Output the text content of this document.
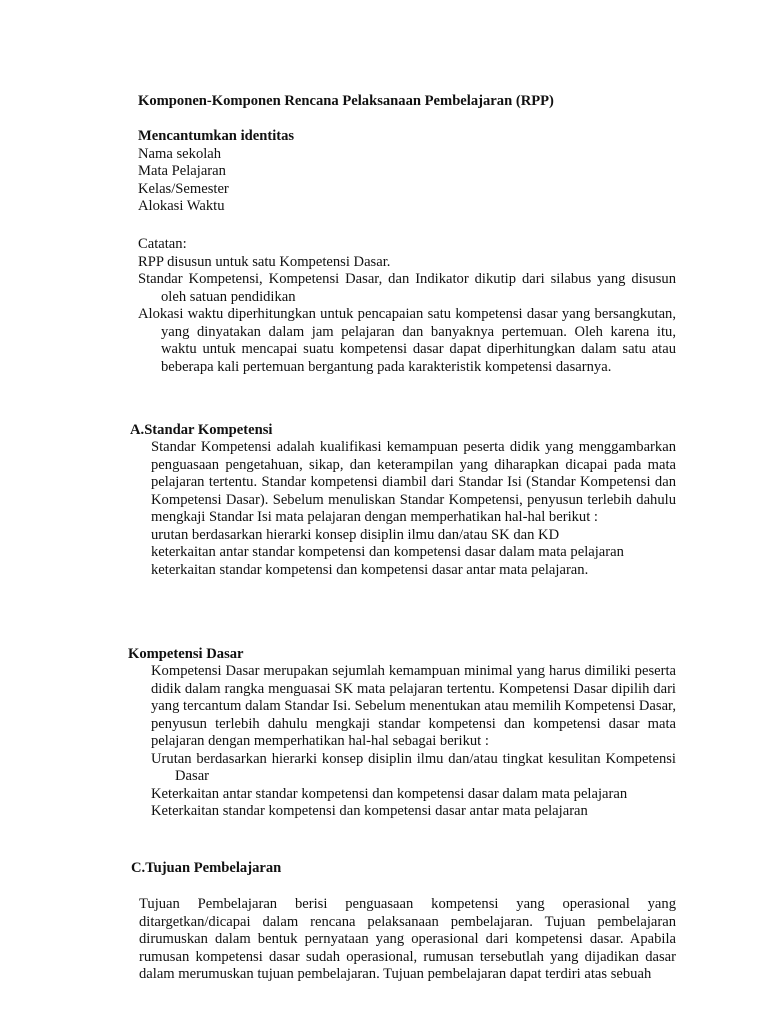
Komponen-Komponen Rencana Pelaksanaan Pembelajaran (RPP)
Mencantumkan identitas
Nama sekolah
Mata Pelajaran
Kelas/Semester
Alokasi Waktu
Catatan:
RPP disusun untuk satu Kompetensi Dasar.
Standar Kompetensi, Kompetensi Dasar, dan Indikator dikutip dari silabus yang disusun oleh satuan pendidikan
Alokasi waktu diperhitungkan untuk pencapaian satu kompetensi dasar yang bersangkutan, yang dinyatakan dalam jam pelajaran dan banyaknya pertemuan. Oleh karena itu, waktu untuk mencapai suatu kompetensi dasar dapat diperhitungkan dalam satu atau beberapa kali pertemuan bergantung pada karakteristik kompetensi dasarnya.
A.Standar Kompetensi
Standar Kompetensi adalah kualifikasi kemampuan peserta didik yang menggambarkan penguasaan pengetahuan, sikap, dan keterampilan yang diharapkan dicapai pada mata pelajaran tertentu. Standar kompetensi diambil dari Standar Isi (Standar Kompetensi dan Kompetensi Dasar). Sebelum menuliskan Standar Kompetensi, penyusun terlebih dahulu mengkaji Standar Isi mata pelajaran dengan memperhatikan hal-hal berikut :
urutan berdasarkan hierarki konsep disiplin ilmu dan/atau SK dan KD
keterkaitan antar standar kompetensi dan kompetensi dasar dalam mata pelajaran
keterkaitan standar kompetensi dan kompetensi dasar antar mata pelajaran.
Kompetensi Dasar
Kompetensi Dasar merupakan sejumlah kemampuan minimal yang harus dimiliki peserta didik dalam rangka menguasai SK mata pelajaran tertentu. Kompetensi Dasar dipilih dari yang tercantum dalam Standar Isi. Sebelum menentukan atau memilih Kompetensi Dasar, penyusun terlebih dahulu mengkaji standar kompetensi dan kompetensi dasar mata pelajaran dengan memperhatikan hal-hal sebagai berikut :
Urutan berdasarkan hierarki konsep disiplin ilmu dan/atau tingkat kesulitan Kompetensi Dasar
Keterkaitan antar standar kompetensi dan kompetensi dasar dalam mata pelajaran
Keterkaitan standar kompetensi dan kompetensi dasar antar mata pelajaran
C.Tujuan Pembelajaran
Tujuan Pembelajaran berisi penguasaan kompetensi yang operasional yang ditargetkan/dicapai dalam rencana pelaksanaan pembelajaran. Tujuan pembelajaran dirumuskan dalam bentuk pernyataan yang operasional dari kompetensi dasar. Apabila rumusan kompetensi dasar sudah operasional, rumusan tersebutlah yang dijadikan dasar dalam merumuskan tujuan pembelajaran. Tujuan pembelajaran dapat terdiri atas sebuah
